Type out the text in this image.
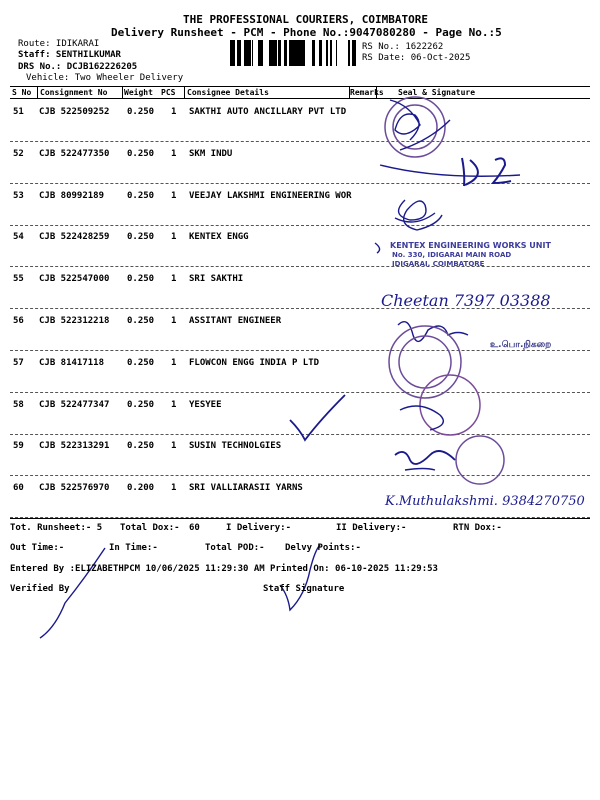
THE PROFESSIONAL COURIERS, COIMBATORE
Delivery Runsheet - PCM - Phone No.:9047080280 - Page No.:5
Route: IDIKARAI
Staff: SENTHILKUMAR
DRS No.: DCJB162226205
Vehicle: Two Wheeler Delivery
RS No.: 1622262
RS Date: 06-Oct-2025
S No Consignment No Weight PCS Consignee Details	Remarks Seal & Signature
51 CJB 522509252 0.250 1 SAKTHI AUTO ANCILLARY PVT LTD
52 CJB 522477350 0.250 1 SKM INDU
53 CJB 80992189	0.250 1 VEEJAY LAKSHMI ENGINEERING WOR
54 CJB 522428259 0.250 1 KENTEX ENGG
55 CJB 522547000 0.250 1 SRI SAKTHI
56 CJB 522312218 0.250 1 ASSITANT ENGINEER
57 CJB 81417118	0.250 1 FLOWCON ENGG INDIA P LTD
58 CJB 522477347 0.250 1 YESYEE
59 CJB 522313291 0.250 1 SUSIN TECHNOLGIES
60 CJB 522576970 0.200 1 SRI VALLIARASII YARNS
KENTEX ENGINEERING WORKS UNIT
No. 330, IDIGARAI MAIN ROAD
IDIGARAI, COIMBATORE
Cheetan 7397 03388
உ.பொ.நிகறை
K.Muthulakshmi. 9384270750
Tot. Runsheet:- 5 Total Dox:- 60	I Delivery:-	II Delivery:-	RTN Dox:-
Out Time:-	In Time:-	Total POD:- Delvy Points:-
Entered By :ELIZABETHPCM 10/06/2025 11:29:30 AM Printed On: 06-10-2025 11:29:53
Verified By	Staff Signature
